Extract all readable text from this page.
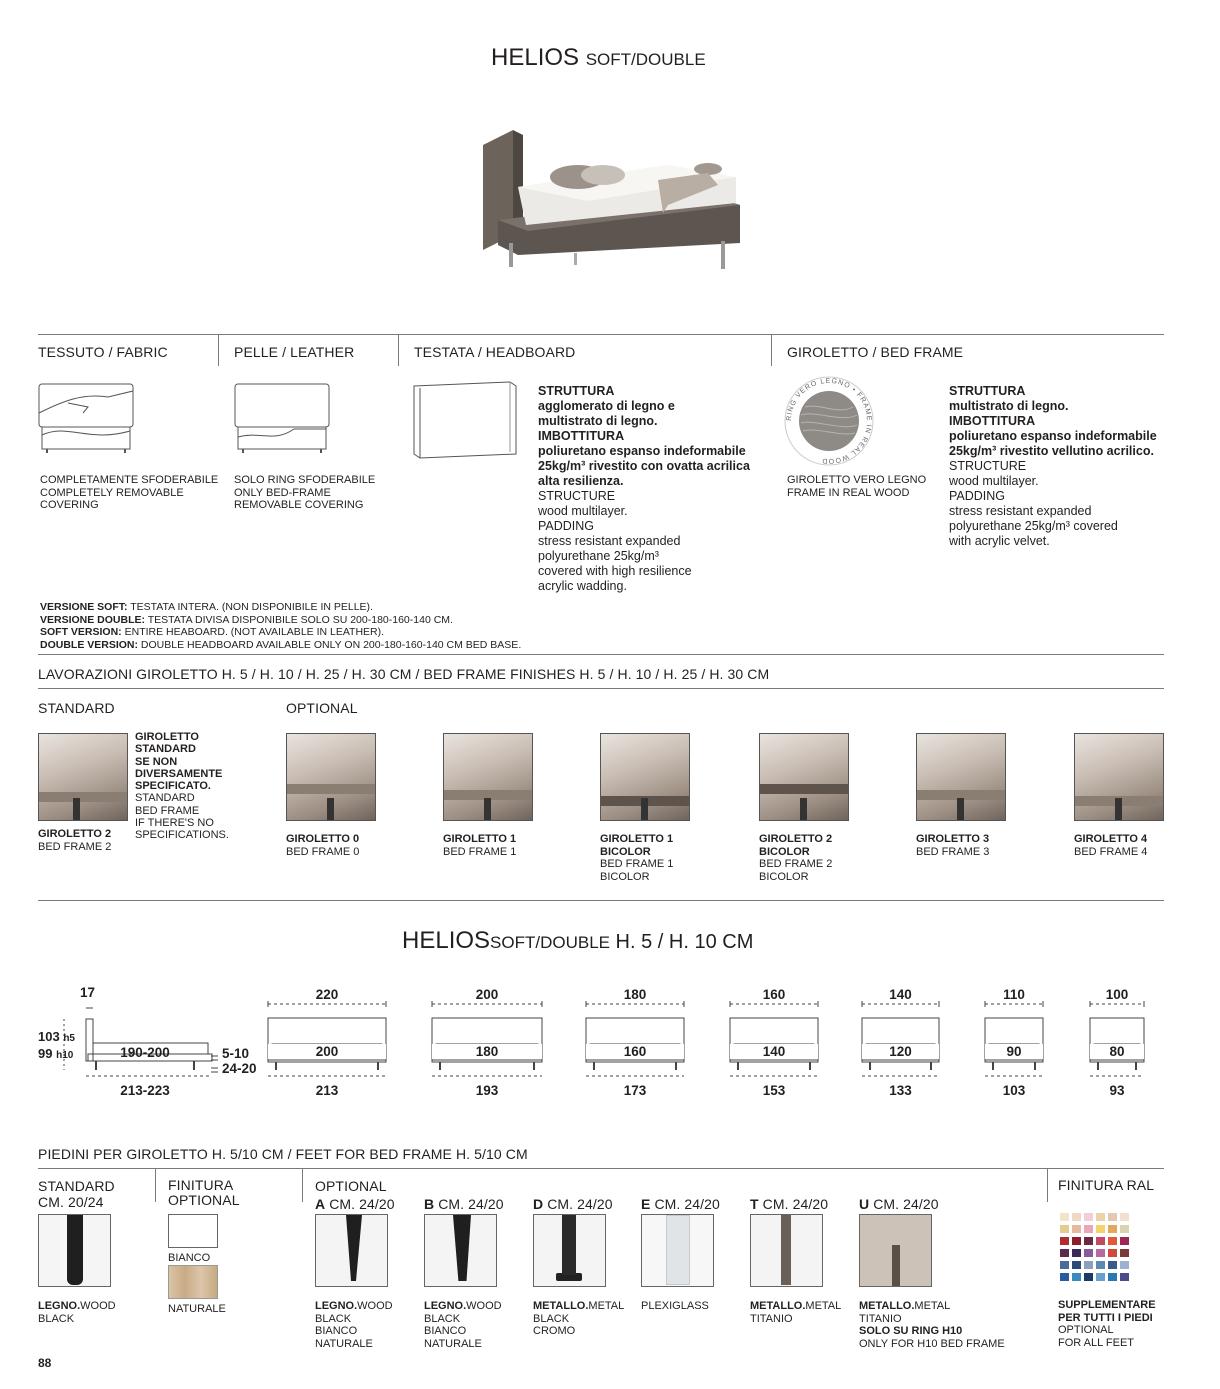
HELIOS SOFT/DOUBLE
TESSUTO / FABRIC	PELLE / LEATHER	TESTATA / HEADBOARD	GIROLETTO / BED FRAME
COMPLETAMENTE SFODERABILE
COMPLETELY REMOVABLE
COVERING
SOLO RING SFODERABILE
ONLY BED-FRAME
REMOVABLE COVERING
STRUTTURA
agglomerato di legno e
multistrato di legno.
IMBOTTITURA
poliuretano espanso indeformabile
25kg/m³ rivestito con ovatta acrilica
alta resilienza.
STRUCTURE
wood multilayer.
PADDING
stress resistant expanded
polyurethane 25kg/m³
covered with high resilience
acrylic wadding.
RING VERO LEGNO • FRAME IN REAL WOOD
GIROLETTO VERO LEGNO
FRAME IN REAL WOOD
STRUTTURA
multistrato di legno.
IMBOTTITURA
poliuretano espanso indeformabile
25kg/m³ rivestito vellutino acrilico.
STRUCTURE
wood multilayer.
PADDING
stress resistant expanded
polyurethane 25kg/m³ covered
with acrylic velvet.
VERSIONE SOFT: TESTATA INTERA. (NON DISPONIBILE IN PELLE).
VERSIONE DOUBLE: TESTATA DIVISA DISPONIBILE SOLO SU 200-180-160-140 CM.
SOFT VERSION: ENTIRE HEABOARD. (NOT AVAILABLE IN LEATHER).
DOUBLE VERSION: DOUBLE HEADBOARD AVAILABLE ONLY ON 200-180-160-140 CM BED BASE.
LAVORAZIONI GIROLETTO H. 5 / H. 10 / H. 25 / H. 30 CM / BED FRAME FINISHES H. 5 / H. 10 / H. 25 / H. 30 CM
STANDARD	OPTIONAL
GIROLETTO 2
BED FRAME 2
GIROLETTO
STANDARD
SE NON
DIVERSAMENTE
SPECIFICATO.
STANDARD
BED FRAME
IF THERE'S NO
SPECIFICATIONS.	GIROLETTO 0
BED FRAME 0
GIROLETTO 1
BED FRAME 1
GIROLETTO 1
BICOLOR
BED FRAME 1
BICOLOR
GIROLETTO 2
BICOLOR
BED FRAME 2
BICOLOR
GIROLETTO 3
BED FRAME 3
GIROLETTO 4
BED FRAME 4
HELIOSSOFT/DOUBLE H. 5 / H. 10 CM
17
103 h5
99 h10	190-200
213-223
5-10
24-20
220
200
213
200
180
193
180
160
173
160
140
153
140
120
133
110
90
103
100
80
93
PIEDINI PER GIROLETTO H. 5/10 CM / FEET FOR BED FRAME H. 5/10 CM
STANDARD
CM. 20/24
LEGNO.WOOD
BLACK
FINITURA
OPTIONAL
BIANCO
NATURALE
OPTIONAL
A CM. 24/20
LEGNO.WOOD
BLACK
BIANCO
NATURALE
B CM. 24/20
LEGNO.WOOD
BLACK
BIANCO
NATURALE
D CM. 24/20
METALLO.METAL
BLACK
CROMO
E CM. 24/20
PLEXIGLASS
T CM. 24/20
METALLO.METAL
TITANIO
U CM. 24/20
METALLO.METAL
TITANIO
SOLO SU RING H10
ONLY FOR H10 BED FRAME
FINITURA RAL
SUPPLEMENTARE
PER TUTTI I PIEDI
OPTIONAL
FOR ALL FEET
88
